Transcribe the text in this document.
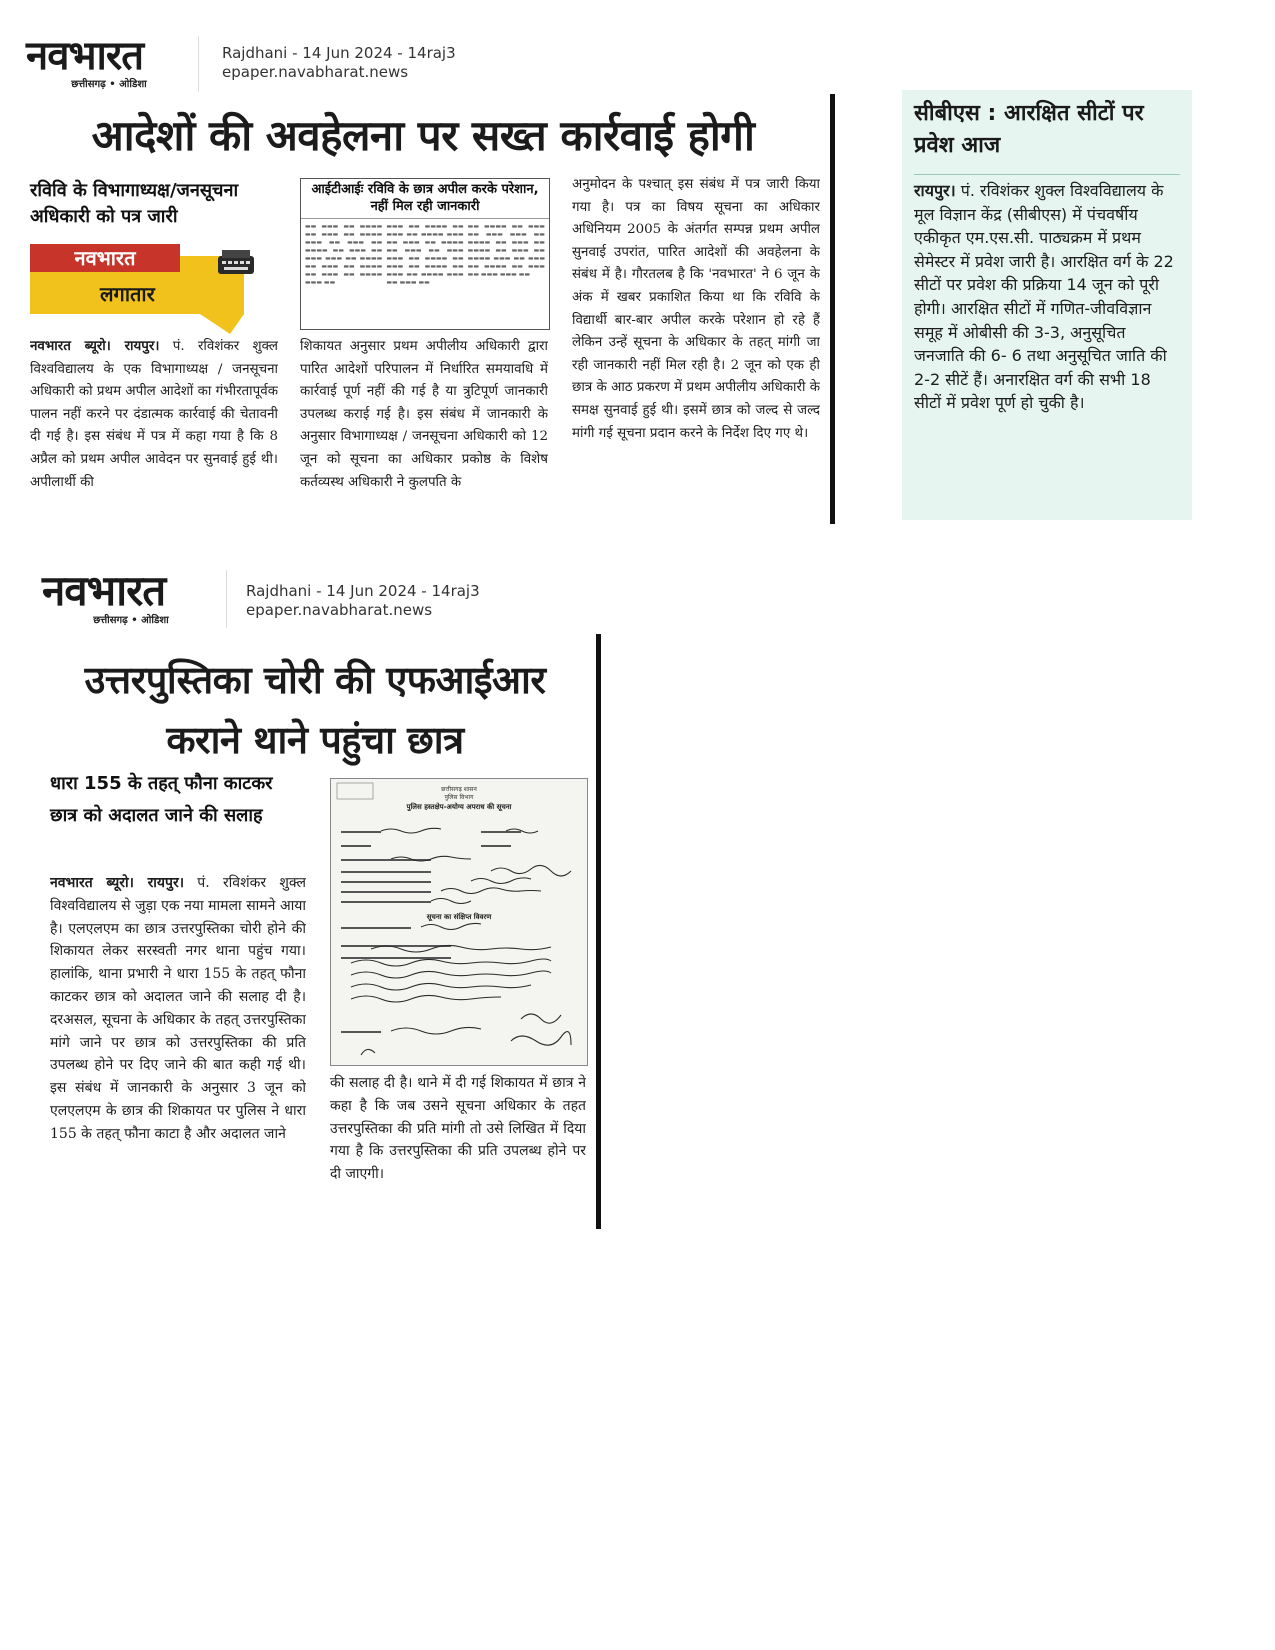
नवभारत
छत्तीसगढ़ • ओडिशा
Rajdhani - 14 Jun 2024 - 14raj3
epaper.navabharat.news
आदेशों की अवहेलना पर सख्त कार्रवाई होगी
रविवि के विभागाध्यक्ष/जनसूचना अधिकारी को पत्र जारी
नवभारत
लगातार
आईटीआईः रविवि के छात्र अपील करके परेशान, नहीं मिल रही जानकारी
▬▬ ▬▬▬ ▬▬ ▬▬▬▬ ▬▬ ▬▬▬ ▬▬ ▬▬▬▬ ▬▬▬ ▬▬ ▬▬▬ ▬▬ ▬▬▬▬ ▬▬ ▬▬▬ ▬▬ ▬▬▬ ▬▬▬ ▬▬ ▬▬▬▬ ▬▬ ▬▬▬ ▬▬ ▬▬▬▬ ▬▬ ▬▬▬ ▬▬ ▬▬▬▬ ▬▬▬ ▬▬
▬▬▬ ▬▬ ▬▬▬▬ ▬▬ ▬▬▬ ▬▬ ▬▬▬▬ ▬▬▬ ▬▬ ▬▬▬ ▬▬ ▬▬▬▬ ▬▬ ▬▬▬ ▬▬ ▬▬▬ ▬▬▬ ▬▬ ▬▬▬▬ ▬▬ ▬▬▬ ▬▬ ▬▬▬▬ ▬▬ ▬▬▬ ▬▬ ▬▬▬▬ ▬▬▬ ▬▬ ▬▬▬ ▬▬
▬▬ ▬▬▬▬ ▬▬ ▬▬▬ ▬▬ ▬▬▬ ▬▬▬ ▬▬ ▬▬▬▬ ▬▬ ▬▬▬ ▬▬ ▬▬▬▬ ▬▬ ▬▬▬ ▬▬ ▬▬▬▬ ▬▬▬ ▬▬ ▬▬▬ ▬▬ ▬▬▬▬ ▬▬ ▬▬▬ ▬▬ ▬▬▬ ▬▬▬ ▬▬
नवभारत ब्यूरो। रायपुर। पं. रविशंकर शुक्ल विश्वविद्यालय के एक विभागाध्यक्ष / जनसूचना अधिकारी को प्रथम अपील आदेशों का गंभीरतापूर्वक पालन नहीं करने पर दंडात्मक कार्रवाई की चेतावनी दी गई है। इस संबंध में पत्र में कहा गया है कि 8 अप्रैल को प्रथम अपील आवेदन पर सुनवाई हुई थी। अपीलार्थी की
शिकायत अनुसार प्रथम अपीलीय अधिकारी द्वारा पारित आदेशों परिपालन में निर्धारित समयावधि में कार्रवाई पूर्ण नहीं की गई है या त्रुटिपूर्ण जानकारी उपलब्ध कराई गई है। इस संबंध में जानकारी के अनुसार विभागाध्यक्ष / जनसूचना अधिकारी को 12 जून को सूचना का अधिकार प्रकोष्ठ के विशेष कर्तव्यस्थ अधिकारी ने कुलपति के
अनुमोदन के पश्चात् इस संबंध में पत्र जारी किया गया है। पत्र का विषय सूचना का अधिकार अधिनियम 2005 के अंतर्गत सम्पन्न प्रथम अपील सुनवाई उपरांत, पारित आदेशों की अवहेलना के संबंध में है। गौरतलब है कि 'नवभारत' ने 6 जून के अंक में खबर प्रकाशित किया था कि रविवि के विद्यार्थी बार-बार अपील करके परेशान हो रहे हैं लेकिन उन्हें सूचना के अधिकार के तहत् मांगी जा रही जानकारी नहीं मिल रही है। 2 जून को एक ही छात्र के आठ प्रकरण में प्रथम अपीलीय अधिकारी के समक्ष सुनवाई हुई थी। इसमें छात्र को जल्द से जल्द मांगी गई सूचना प्रदान करने के निर्देश दिए गए थे।
सीबीएस : आरक्षित सीटों पर प्रवेश आज
रायपुर। पं. रविशंकर शुक्ल विश्वविद्यालय के मूल विज्ञान केंद्र (सीबीएस) में पंचवर्षीय एकीकृत एम.एस.सी. पाठ्यक्रम में प्रथम सेमेस्टर में प्रवेश जारी है। आरक्षित वर्ग के 22 सीटों पर प्रवेश की प्रक्रिया 14 जून को पूरी होगी। आरक्षित सीटों में गणित-जीवविज्ञान समूह में ओबीसी की 3-3, अनुसूचित जनजाति की 6- 6 तथा अनुसूचित जाति की 2-2 सीटें हैं। अनारक्षित वर्ग की सभी 18 सीटों में प्रवेश पूर्ण हो चुकी है।
नवभारत
छत्तीसगढ़ • ओडिशा
Rajdhani - 14 Jun 2024 - 14raj3
epaper.navabharat.news
उत्तरपुस्तिका चोरी की एफआईआर
कराने थाने पहुंचा छात्र
धारा 155 के तहत् फौना काटकर छात्र को अदालत जाने की सलाह
छत्तीसगढ़ शासन
पुलिस विभाग
पुलिस हस्तक्षेप-अयोग्य अपराध की सूचना
सूचना का संक्षिप्त विवरण
नवभारत ब्यूरो। रायपुर। पं. रविशंकर शुक्ल विश्वविद्यालय से जुड़ा एक नया मामला सामने आया है। एलएलएम का छात्र उत्तरपुस्तिका चोरी होने की शिकायत लेकर सरस्वती नगर थाना पहुंच गया। हालांकि, थाना प्रभारी ने धारा 155 के तहत् फौना काटकर छात्र को अदालत जाने की सलाह दी है। दरअसल, सूचना के अधिकार के तहत् उत्तरपुस्तिका मांगे जाने पर छात्र को उत्तरपुस्तिका की प्रति उपलब्ध होने पर दिए जाने की बात कही गई थी। इस संबंध में जानकारी के अनुसार 3 जून को एलएलएम के छात्र की शिकायत पर पुलिस ने धारा 155 के तहत् फौना काटा है और अदालत जाने
की सलाह दी है। थाने में दी गई शिकायत में छात्र ने कहा है कि जब उसने सूचना अधिकार के तहत उत्तरपुस्तिका की प्रति मांगी तो उसे लिखित में दिया गया है कि उत्तरपुस्तिका की प्रति उपलब्ध होने पर दी जाएगी।
